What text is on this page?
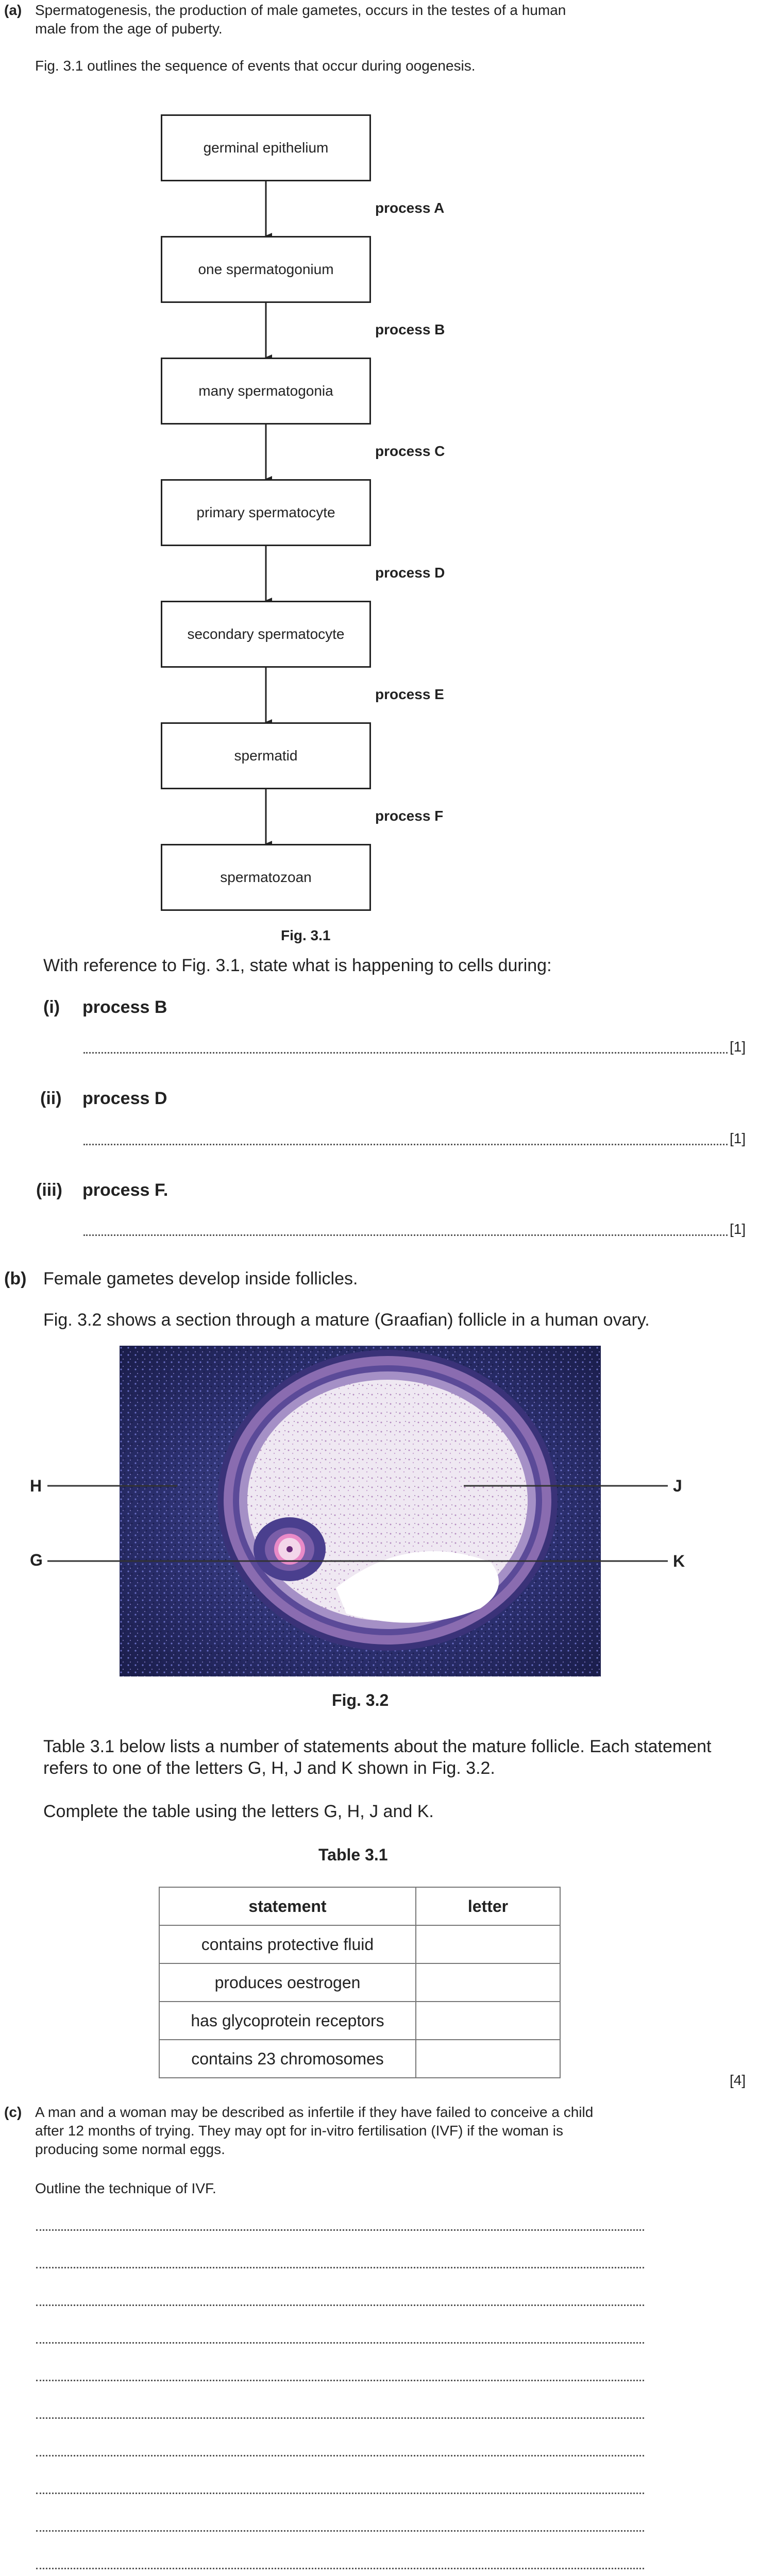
(a) Spermatogenesis, the production of male gametes, occurs in the testes of a human
male from the age of puberty.
Fig. 3.1 outlines the sequence of events that occur during oogenesis.
germinal epithelium
one spermatogonium
many spermatogonia
primary spermatocyte
secondary spermatocyte
spermatid
spermatozoan
process A
process B
process C
process D
process E
process F
Fig. 3.1
With reference to Fig. 3.1, state what is happening to cells during:
(i) process B
[1]
(ii) process D
[1]
(iii) process F.
[1]
(b) Female gametes develop inside follicles.
Fig. 3.2 shows a section through a mature (Graafian) follicle in a human ovary.
H	J
G	K
Fig. 3.2
Table 3.1 below lists a number of statements about the mature follicle. Each statement
refers to one of the letters G, H, J and K shown in Fig. 3.2.
Complete the table using the letters G, H, J and K.
Table 3.1
statement	letter
contains protective fluid	
produces oestrogen	
has glycoprotein receptors	
contains 23 chromosomes	
[4]
(c) A man and a woman may be described as infertile if they have failed to conceive a child
after 12 months of trying. They may opt for in-vitro fertilisation (IVF) if the woman is
producing some normal eggs.
Outline the technique of IVF.
